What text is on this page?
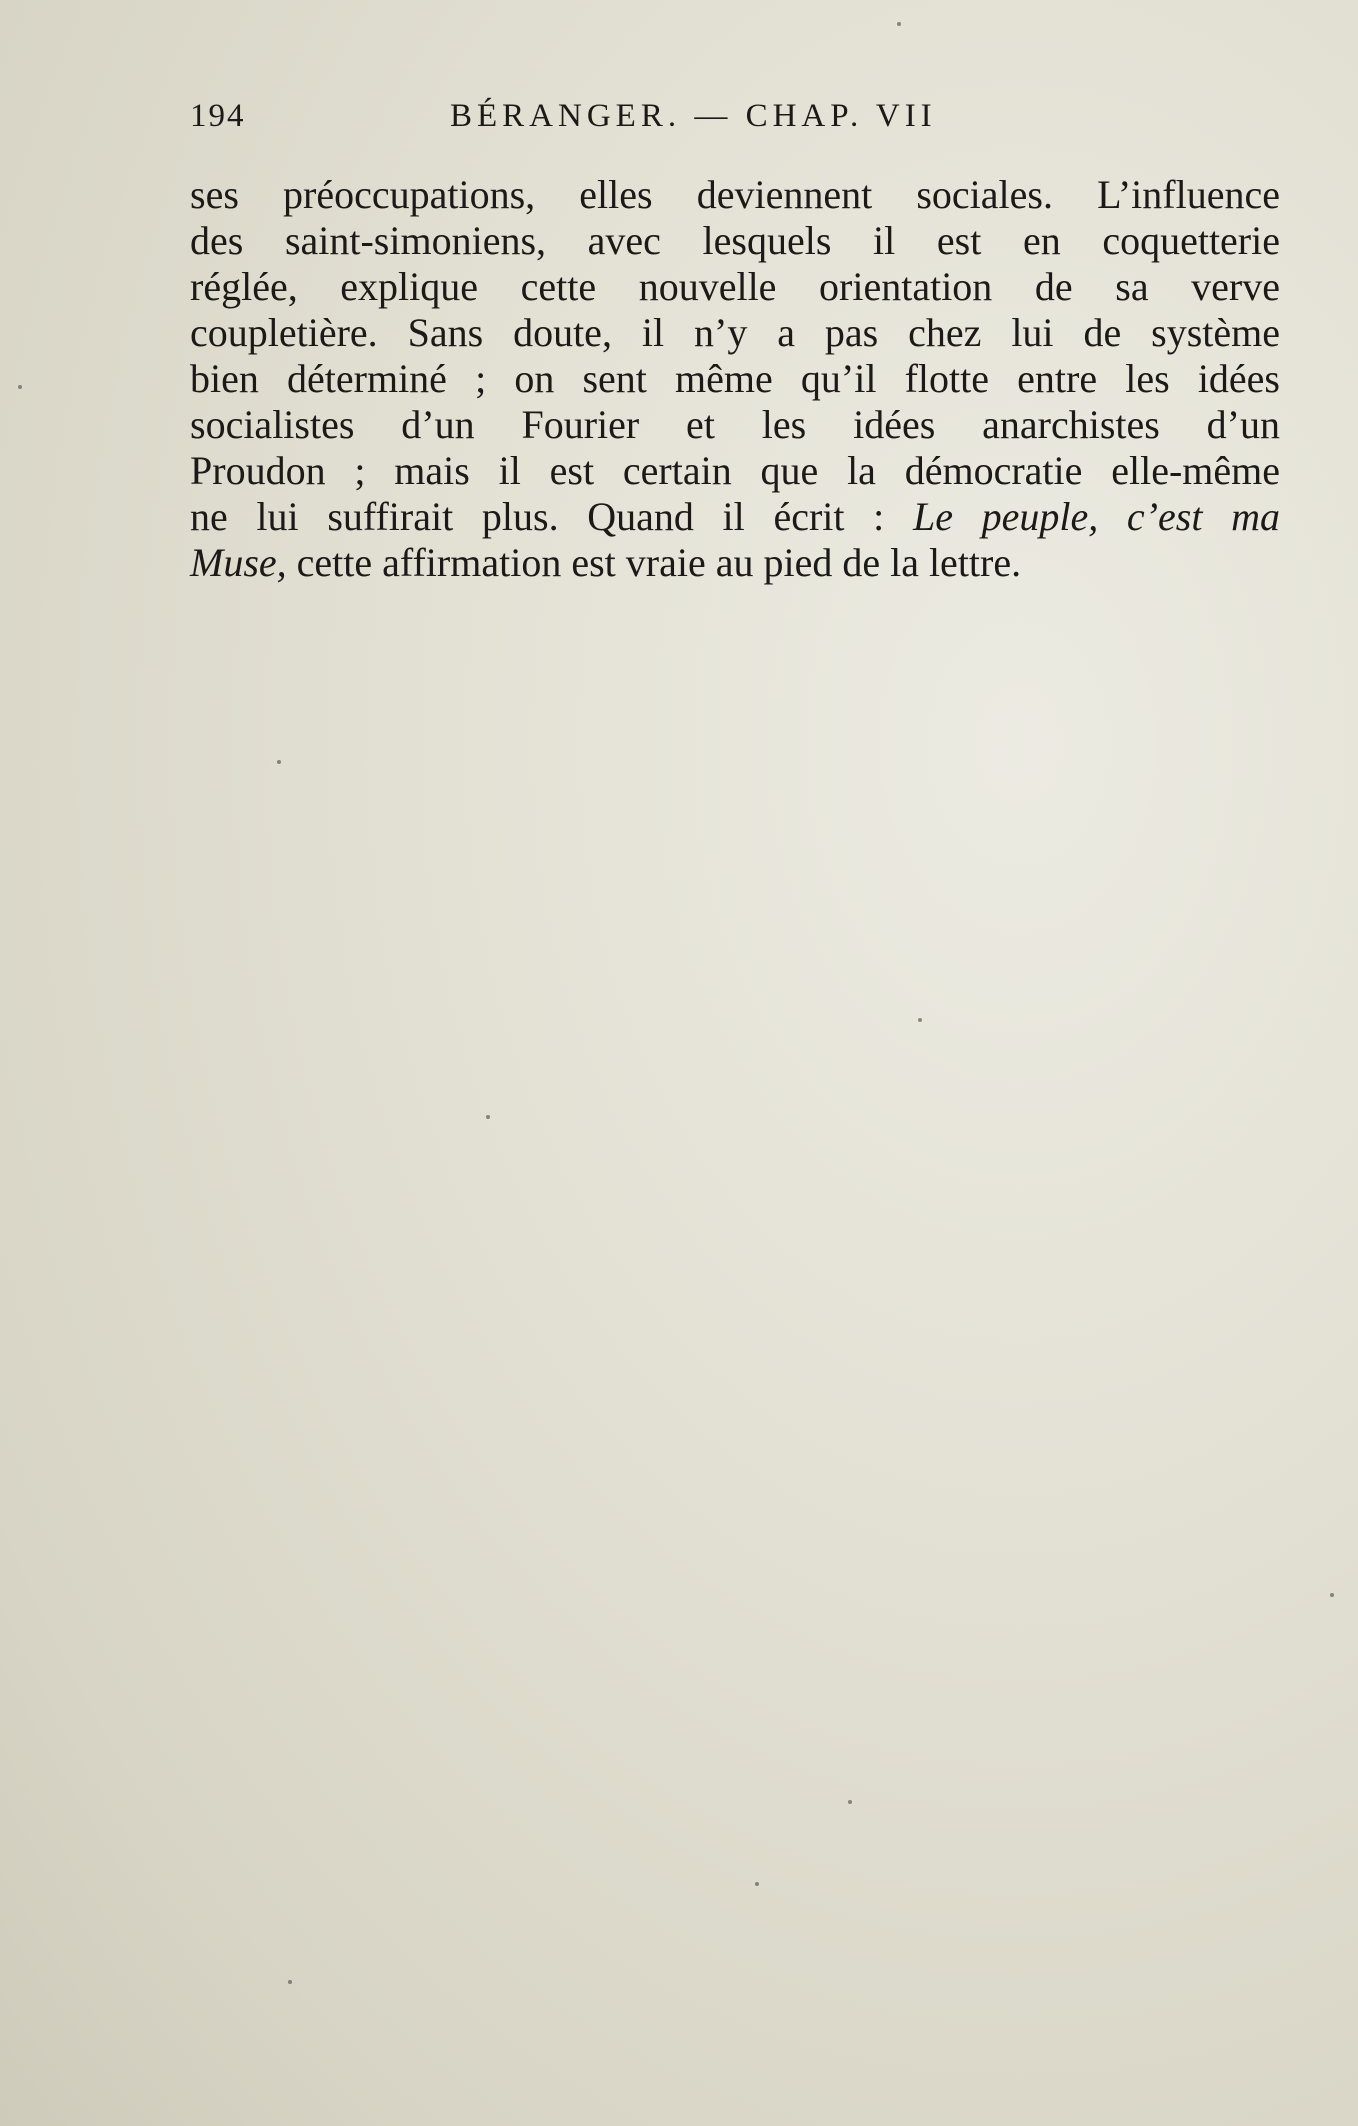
194	BÉRANGER. — CHAP. VII
ses préoccupations, elles deviennent sociales. L’influence
des saint-simoniens, avec lesquels il est en coquetterie
réglée, explique cette nouvelle orientation de sa verve
coupletière. Sans doute, il n’y a pas chez lui de système
bien déterminé ; on sent même qu’il flotte entre les idées
socialistes d’un Fourier et les idées anarchistes d’un
Proudon ; mais il est certain que la démocratie elle-même
ne lui suffirait plus. Quand il écrit : Le peuple, c’est ma
Muse, cette affirmation est vraie au pied de la lettre.
